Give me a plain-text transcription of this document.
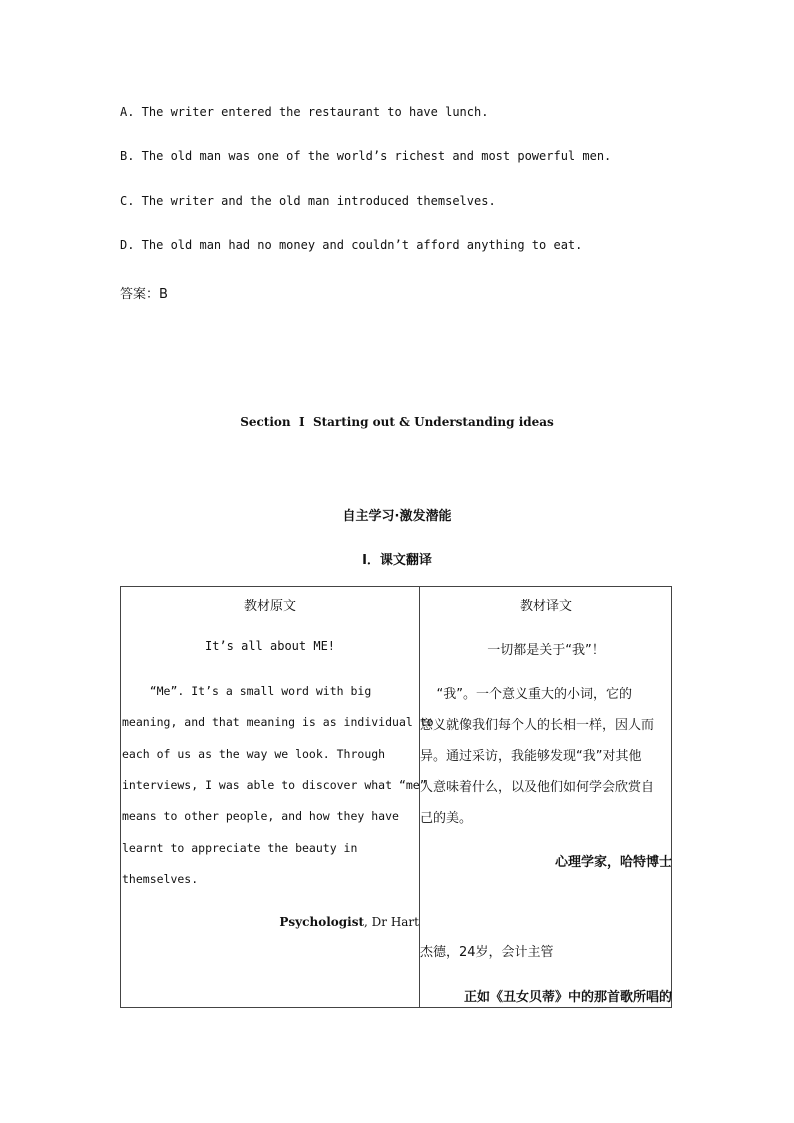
A. The writer entered the restaurant to have lunch.
B. The old man was one of the world’s richest and most powerful men.
C. The writer and the old man introduced themselves.
D. The old man had no money and couldn’t afford anything to eat.
答案：B
Section  Ⅰ  Starting out & Understanding ideas
自主学习·激发潜能
Ⅰ．课文翻译
教材原文
It’s all about ME!
“Me”. It’s a small word with big
meaning, and that meaning is as individual to
each of us as the way we look. Through
interviews, I was able to discover what “me”
means to other people, and how they have
learnt to appreciate the beauty in
themselves.
Psychologist, Dr Hart
教材译文
一切都是关于“我”！
“我”。一个意义重大的小词，它的
意义就像我们每个人的长相一样，因人而
异。通过采访，我能够发现“我”对其他
人意味着什么，以及他们如何学会欣赏自
己的美。
心理学家，哈特博士
杰德，24岁，会计主管
正如《丑女贝蒂》中的那首歌所唱的
